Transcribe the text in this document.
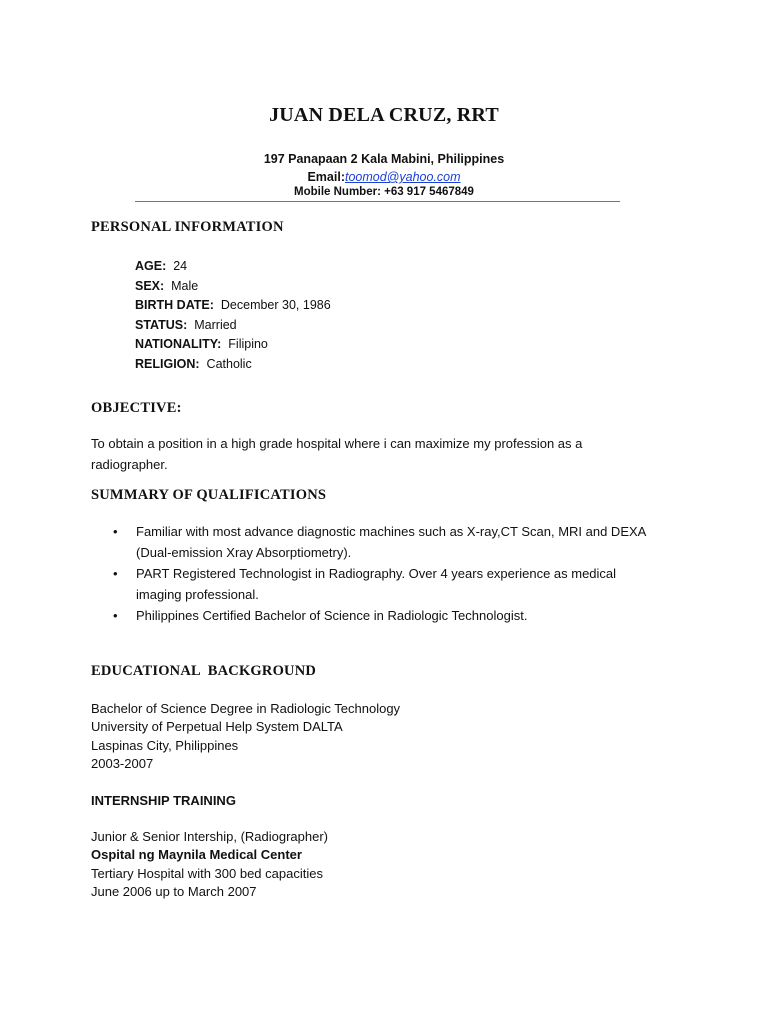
JUAN DELA CRUZ, RRT
197 Panapaan 2 Kala Mabini, Philippines
Email:toomod@yahoo.com
Mobile Number: +63 917 5467849
PERSONAL INFORMATION
AGE: 24
SEX: Male
BIRTH DATE: December 30, 1986
STATUS: Married
NATIONALITY: Filipino
RELIGION: Catholic
OBJECTIVE:
To obtain a position in a high grade hospital where i can maximize my profession as a
radiographer.
SUMMARY OF QUALIFICATIONS
• Familiar with most advance diagnostic machines such as X-ray,CT Scan, MRI and DEXA
(Dual-emission Xray Absorptiometry).
• PART Registered Technologist in Radiography. Over 4 years experience as medical
imaging professional.
• Philippines Certified Bachelor of Science in Radiologic Technologist.
EDUCATIONAL  BACKGROUND
Bachelor of Science Degree in Radiologic Technology
University of Perpetual Help System DALTA
Laspinas City, Philippines
2003-2007
INTERNSHIP TRAINING
Junior & Senior Intership, (Radiographer)
Ospital ng Maynila Medical Center
Tertiary Hospital with 300 bed capacities
June 2006 up to March 2007
